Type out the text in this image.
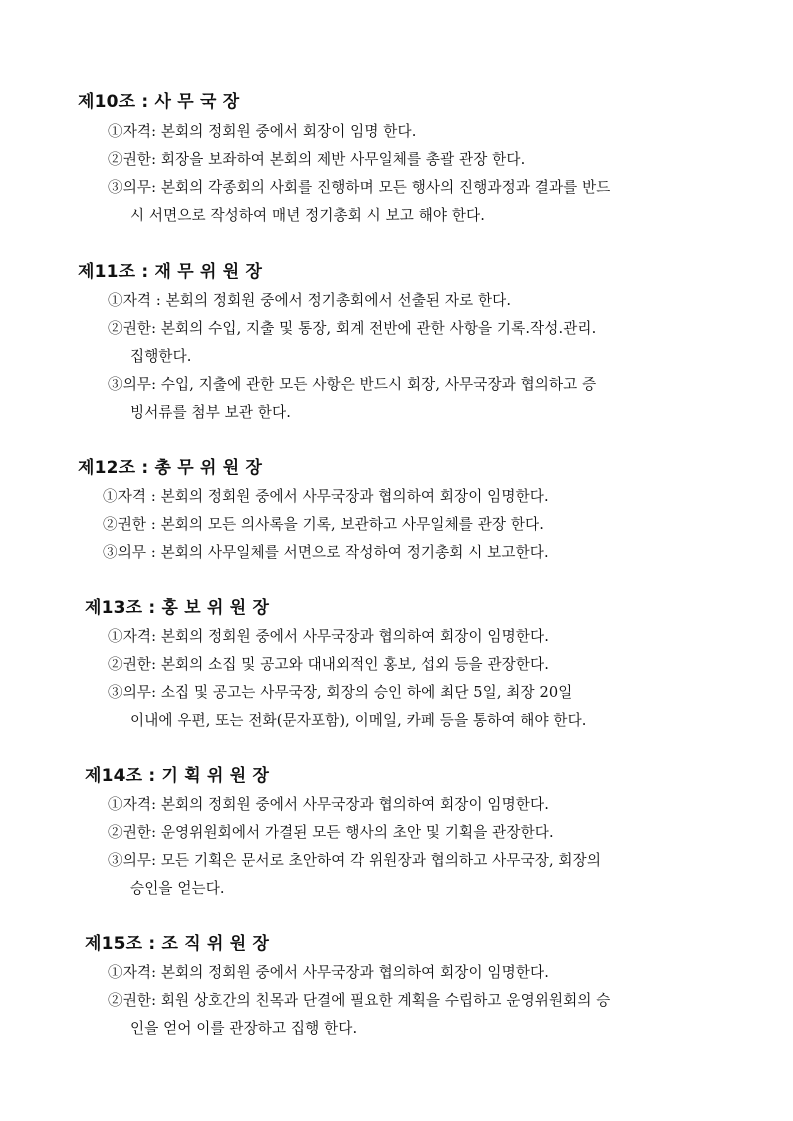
제10조 : 사 무 국 장
①자격: 본회의 정회원 중에서 회장이 임명 한다.
②권한: 회장을 보좌하여 본회의 제반 사무일체를 총괄 관장 한다.
③의무: 본회의 각종회의 사회를 진행하며 모든 행사의 진행과정과 결과를 반드
시 서면으로 작성하여 매년 정기총회 시 보고 해야 한다.
제11조 : 재 무 위 원 장
①자격 : 본회의 정회원 중에서 정기총회에서 선출된 자로 한다.
②권한: 본회의 수입, 지출 및 통장, 회계 전반에 관한 사항을 기록.작성.관리.
집행한다.
③의무: 수입, 지출에 관한 모든 사항은 반드시 회장, 사무국장과 협의하고 증
빙서류를 첨부 보관 한다.
제12조 : 총 무 위 원 장
①자격 : 본회의 정회원 중에서 사무국장과 협의하여 회장이 임명한다.
②권한 : 본회의 모든 의사록을 기록, 보관하고 사무일체를 관장 한다.
③의무 : 본회의 사무일체를 서면으로 작성하여 정기총회 시 보고한다.
제13조 : 홍 보 위 원 장
①자격: 본회의 정회원 중에서 사무국장과 협의하여 회장이 임명한다.
②권한: 본회의 소집 및 공고와 대내외적인 홍보, 섭외 등을 관장한다.
③의무: 소집 및 공고는 사무국장, 회장의 승인 하에 최단 5일, 최장 20일
이내에 우편, 또는 전화(문자포함), 이메일, 카페 등을 통하여 해야 한다.
제14조 : 기 획 위 원 장
①자격: 본회의 정회원 중에서 사무국장과 협의하여 회장이 임명한다.
②권한: 운영위원회에서 가결된 모든 행사의 초안 및 기획을 관장한다.
③의무: 모든 기획은 문서로 초안하여 각 위원장과 협의하고 사무국장, 회장의
승인을 얻는다.
제15조 : 조 직 위 원 장
①자격: 본회의 정회원 중에서 사무국장과 협의하여 회장이 임명한다.
②권한: 회원 상호간의 친목과 단결에 필요한 계획을 수립하고 운영위원회의 승
인을 얻어 이를 관장하고 집행 한다.
